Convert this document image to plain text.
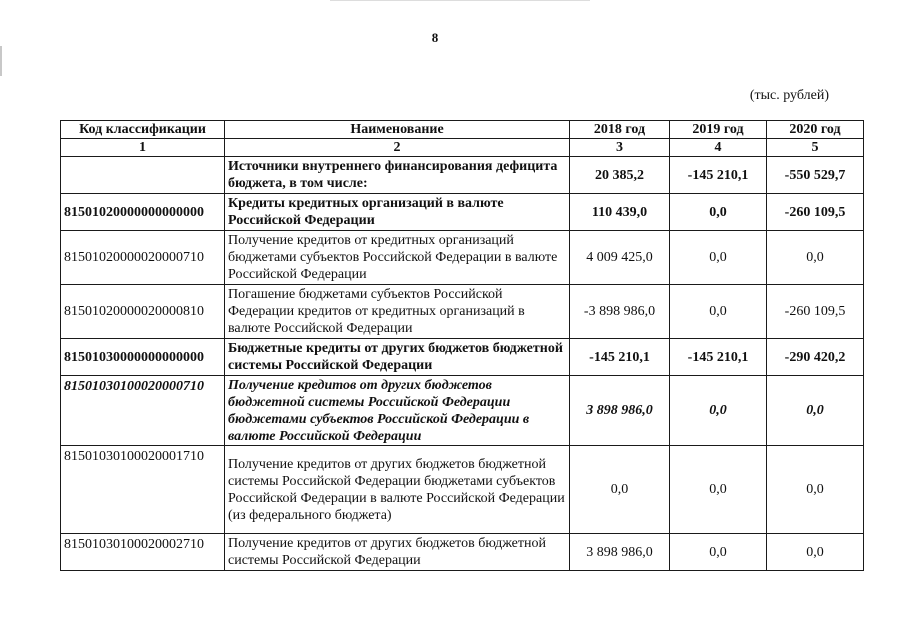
8
(тыс. рублей)
Код классификации	Наименование	2018 год	2019 год	2020 год
1	2	3	4	5
	Источники внутреннего финансирования дефицита бюджета, в том числе:	20 385,2	-145 210,1	-550 529,7
81501020000000000000	Кредиты кредитных организаций в валюте Российской Федерации	110 439,0	0,0	-260 109,5
81501020000020000710	Получение кредитов от кредитных организаций бюджетами субъектов Российской Федерации в валюте Российской Федерации	4 009 425,0	0,0	0,0
81501020000020000810	Погашение бюджетами субъектов Российской Федерации кредитов от кредитных организаций в валюте Российской Федерации	-3 898 986,0	0,0	-260 109,5
81501030000000000000	Бюджетные кредиты от других бюджетов бюджетной системы Российской Федерации	-145 210,1	-145 210,1	-290 420,2
81501030100020000710	Получение кредитов от других бюджетов бюджетной системы Российской Федерации бюджетами субъектов Российской Федерации в валюте Российской Федерации	3 898 986,0	0,0	0,0
81501030100020001710	Получение кредитов от других бюджетов бюджетной системы Российской Федерации бюджетами субъектов Российской Федерации в валюте Российской Федерации (из федерального бюджета)	0,0	0,0	0,0
81501030100020002710	Получение кредитов от других бюджетов бюджетной системы Российской Федерации	3 898 986,0	0,0	0,0
